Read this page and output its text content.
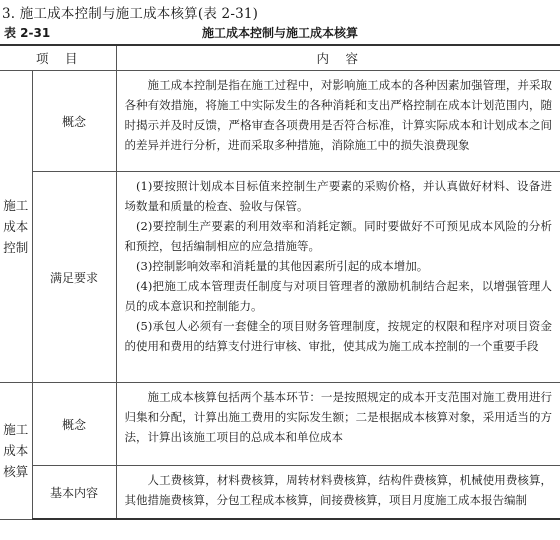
3. 施工成本控制与施工成本核算(表 2-31)
表 2-31	施工成本控制与施工成本核算
项　目		内　容
施工成本控制	概念	施工成本控制是指在施工过程中，对影响施工成本的各种因素加强管理，并采取各种有效措施，将施工中实际发生的各种消耗和支出严格控制在成本计划范围内，随时揭示并及时反馈，严格审查各项费用是否符合标准，计算实际成本和计划成本之间的差异并进行分析，进而采取多种措施，消除施工中的损失浪费现象

	满足要求	(1)要按照计划成本目标值来控制生产要素的采购价格，并认真做好材料、设备进场数量和质量的检查、验收与保管。

(2)要控制生产要素的利用效率和消耗定额。同时要做好不可预见成本风险的分析和预控，包括编制相应的应急措施等。

(3)控制影响效率和消耗量的其他因素所引起的成本增加。

(4)把施工成本管理责任制度与对项目管理者的激励机制结合起来，以增强管理人员的成本意识和控制能力。

(5)承包人必须有一套健全的项目财务管理制度，按规定的权限和程序对项目资金的使用和费用的结算支付进行审核、审批，使其成为施工成本控制的一个重要手段

施工成本核算	概念	施工成本核算包括两个基本环节：一是按照规定的成本开支范围对施工费用进行归集和分配，计算出施工费用的实际发生额；二是根据成本核算对象，采用适当的方法，计算出该施工项目的总成本和单位成本

	基本内容	人工费核算，材料费核算，周转材料费核算，结构件费核算，机械使用费核算，其他措施费核算，分包工程成本核算，间接费核算，项目月度施工成本报告编制
